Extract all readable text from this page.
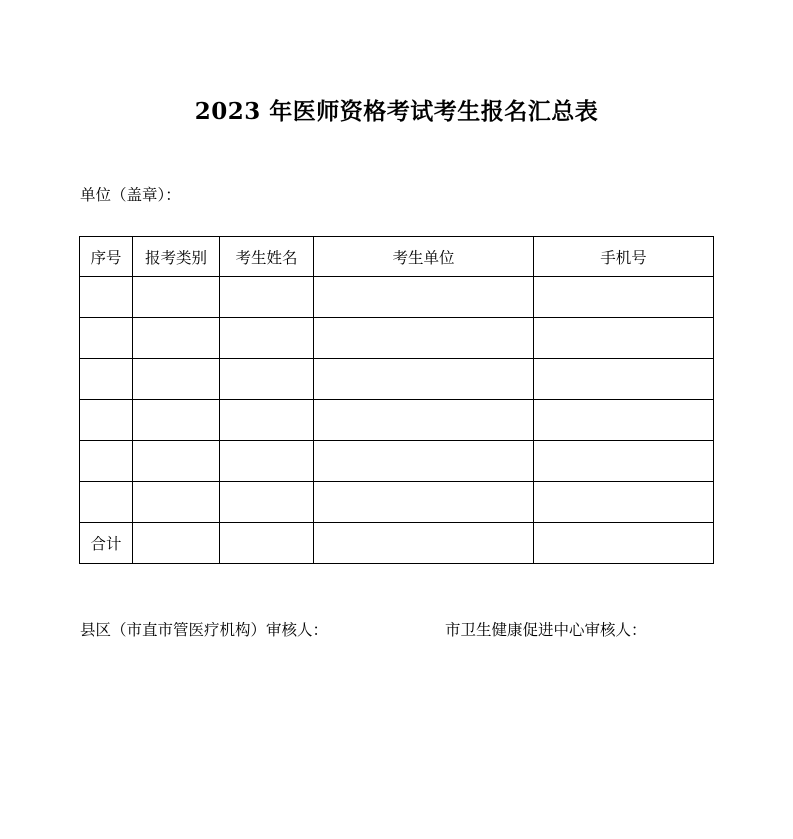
2023 年医师资格考试考生报名汇总表
单位（盖章）：
序号	报考类别	考生姓名	考生单位	手机号

合计				
县区（市直市管医疗机构）审核人：	市卫生健康促进中心审核人：
